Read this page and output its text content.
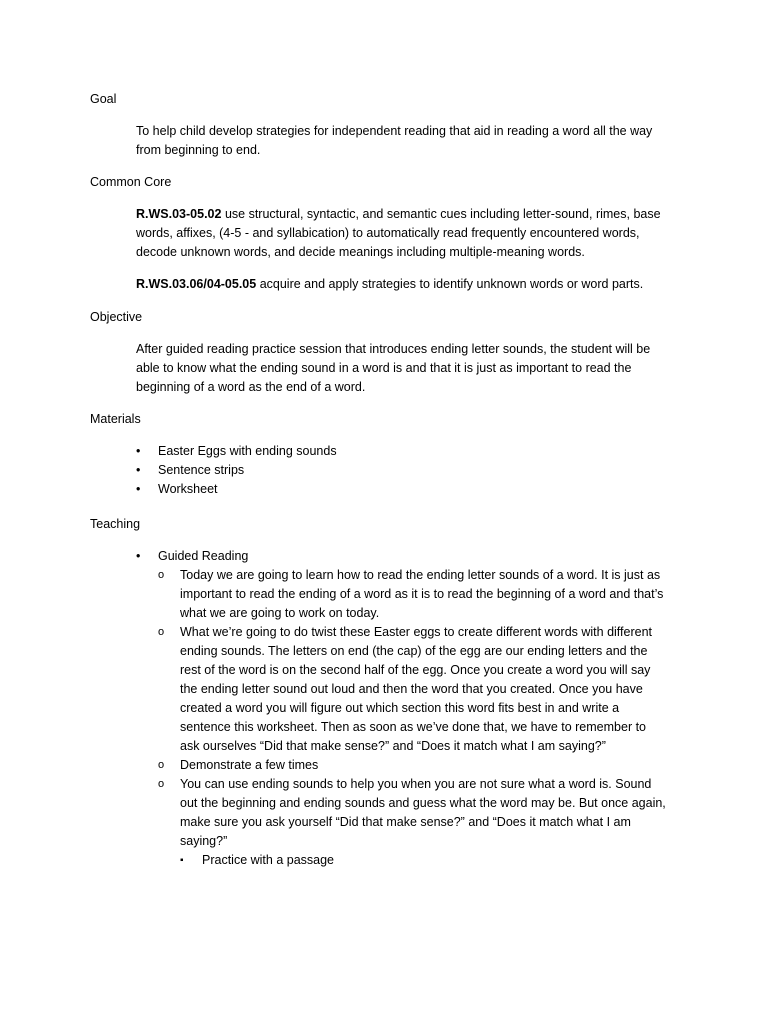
Goal

To help child develop strategies for independent reading that aid in reading a word all the way from beginning to end.

Common Core

R.WS.03-05.02 use structural, syntactic, and semantic cues including letter-sound, rimes, base words, affixes, (4-5 - and syllabication) to automatically read frequently encountered words, decode unknown words, and decide meanings including multiple-meaning words.

R.WS.03.06/04-05.05 acquire and apply strategies to identify unknown words or word parts.

Objective

After guided reading practice session that introduces ending letter sounds, the student will be able to know what the ending sound in a word is and that it is just as important to read the beginning of a word as the end of a word.

Materials
• Easter Eggs with ending sounds
• Sentence strips
• Worksheet
Teaching
• Guided Reading
o Today we are going to learn how to read the ending letter sounds of a word. It is just as important to read the ending of a word as it is to read the beginning of a word and that’s what we are going to work on today.
o What we’re going to do twist these Easter eggs to create different words with different ending sounds. The letters on end (the cap) of the egg are our ending letters and the rest of the word is on the second half of the egg. Once you create a word you will say the ending letter sound out loud and then the word that you created. Once you have created a word you will figure out which section this word fits best in and write a sentence this worksheet. Then as soon as we’ve done that, we have to remember to ask ourselves “Did that make sense?” and “Does it match what I am saying?”
o Demonstrate a few times
o You can use ending sounds to help you when you are not sure what a word is. Sound out the beginning and ending sounds and guess what the word may be. But once again, make sure you ask yourself “Did that make sense?” and “Does it match what I am saying?”
▪ Practice with a passage
